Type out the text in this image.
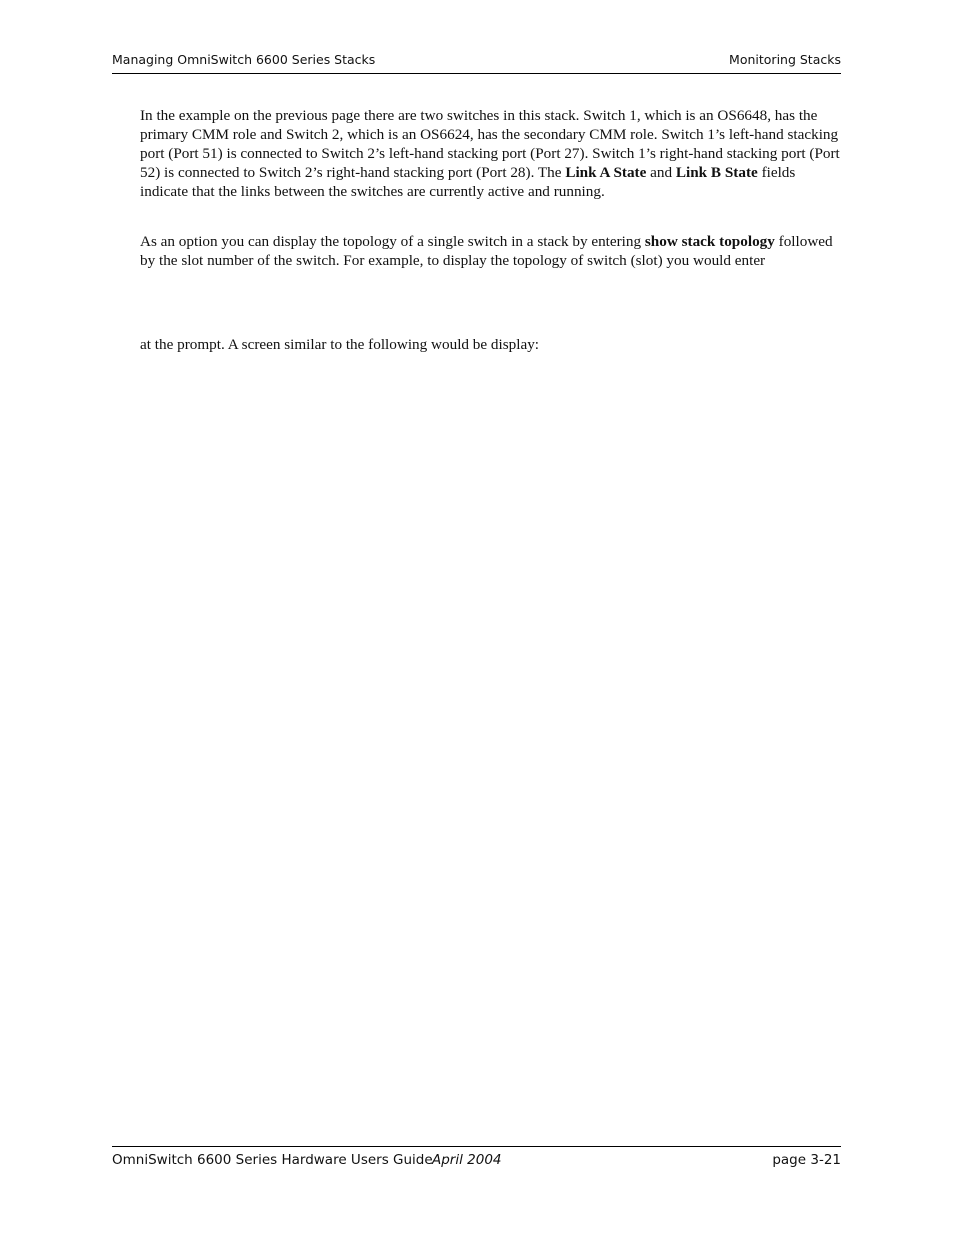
Managing OmniSwitch 6600 Series Stacks	Monitoring Stacks

In the example on the previous page there are two switches in this stack. Switch 1, which is an OS6648, has the primary CMM role and Switch 2, which is an OS6624, has the secondary CMM role. Switch 1’s left-hand stacking port (Port 51) is connected to Switch 2’s left-hand stacking port (Port 27). Switch 1’s right-hand stacking port (Port 52) is connected to Switch 2’s right-hand stacking port (Port 28). The Link A State and Link B State fields indicate that the links between the switches are currently active and running.

As an option you can display the topology of a single switch in a stack by entering show stack topology followed by the slot number of the switch. For example, to display the topology of switch (slot) you would enter

at the prompt. A screen similar to the following would be display:

OmniSwitch 6600 Series Hardware Users Guide April 2004	page 3-21
